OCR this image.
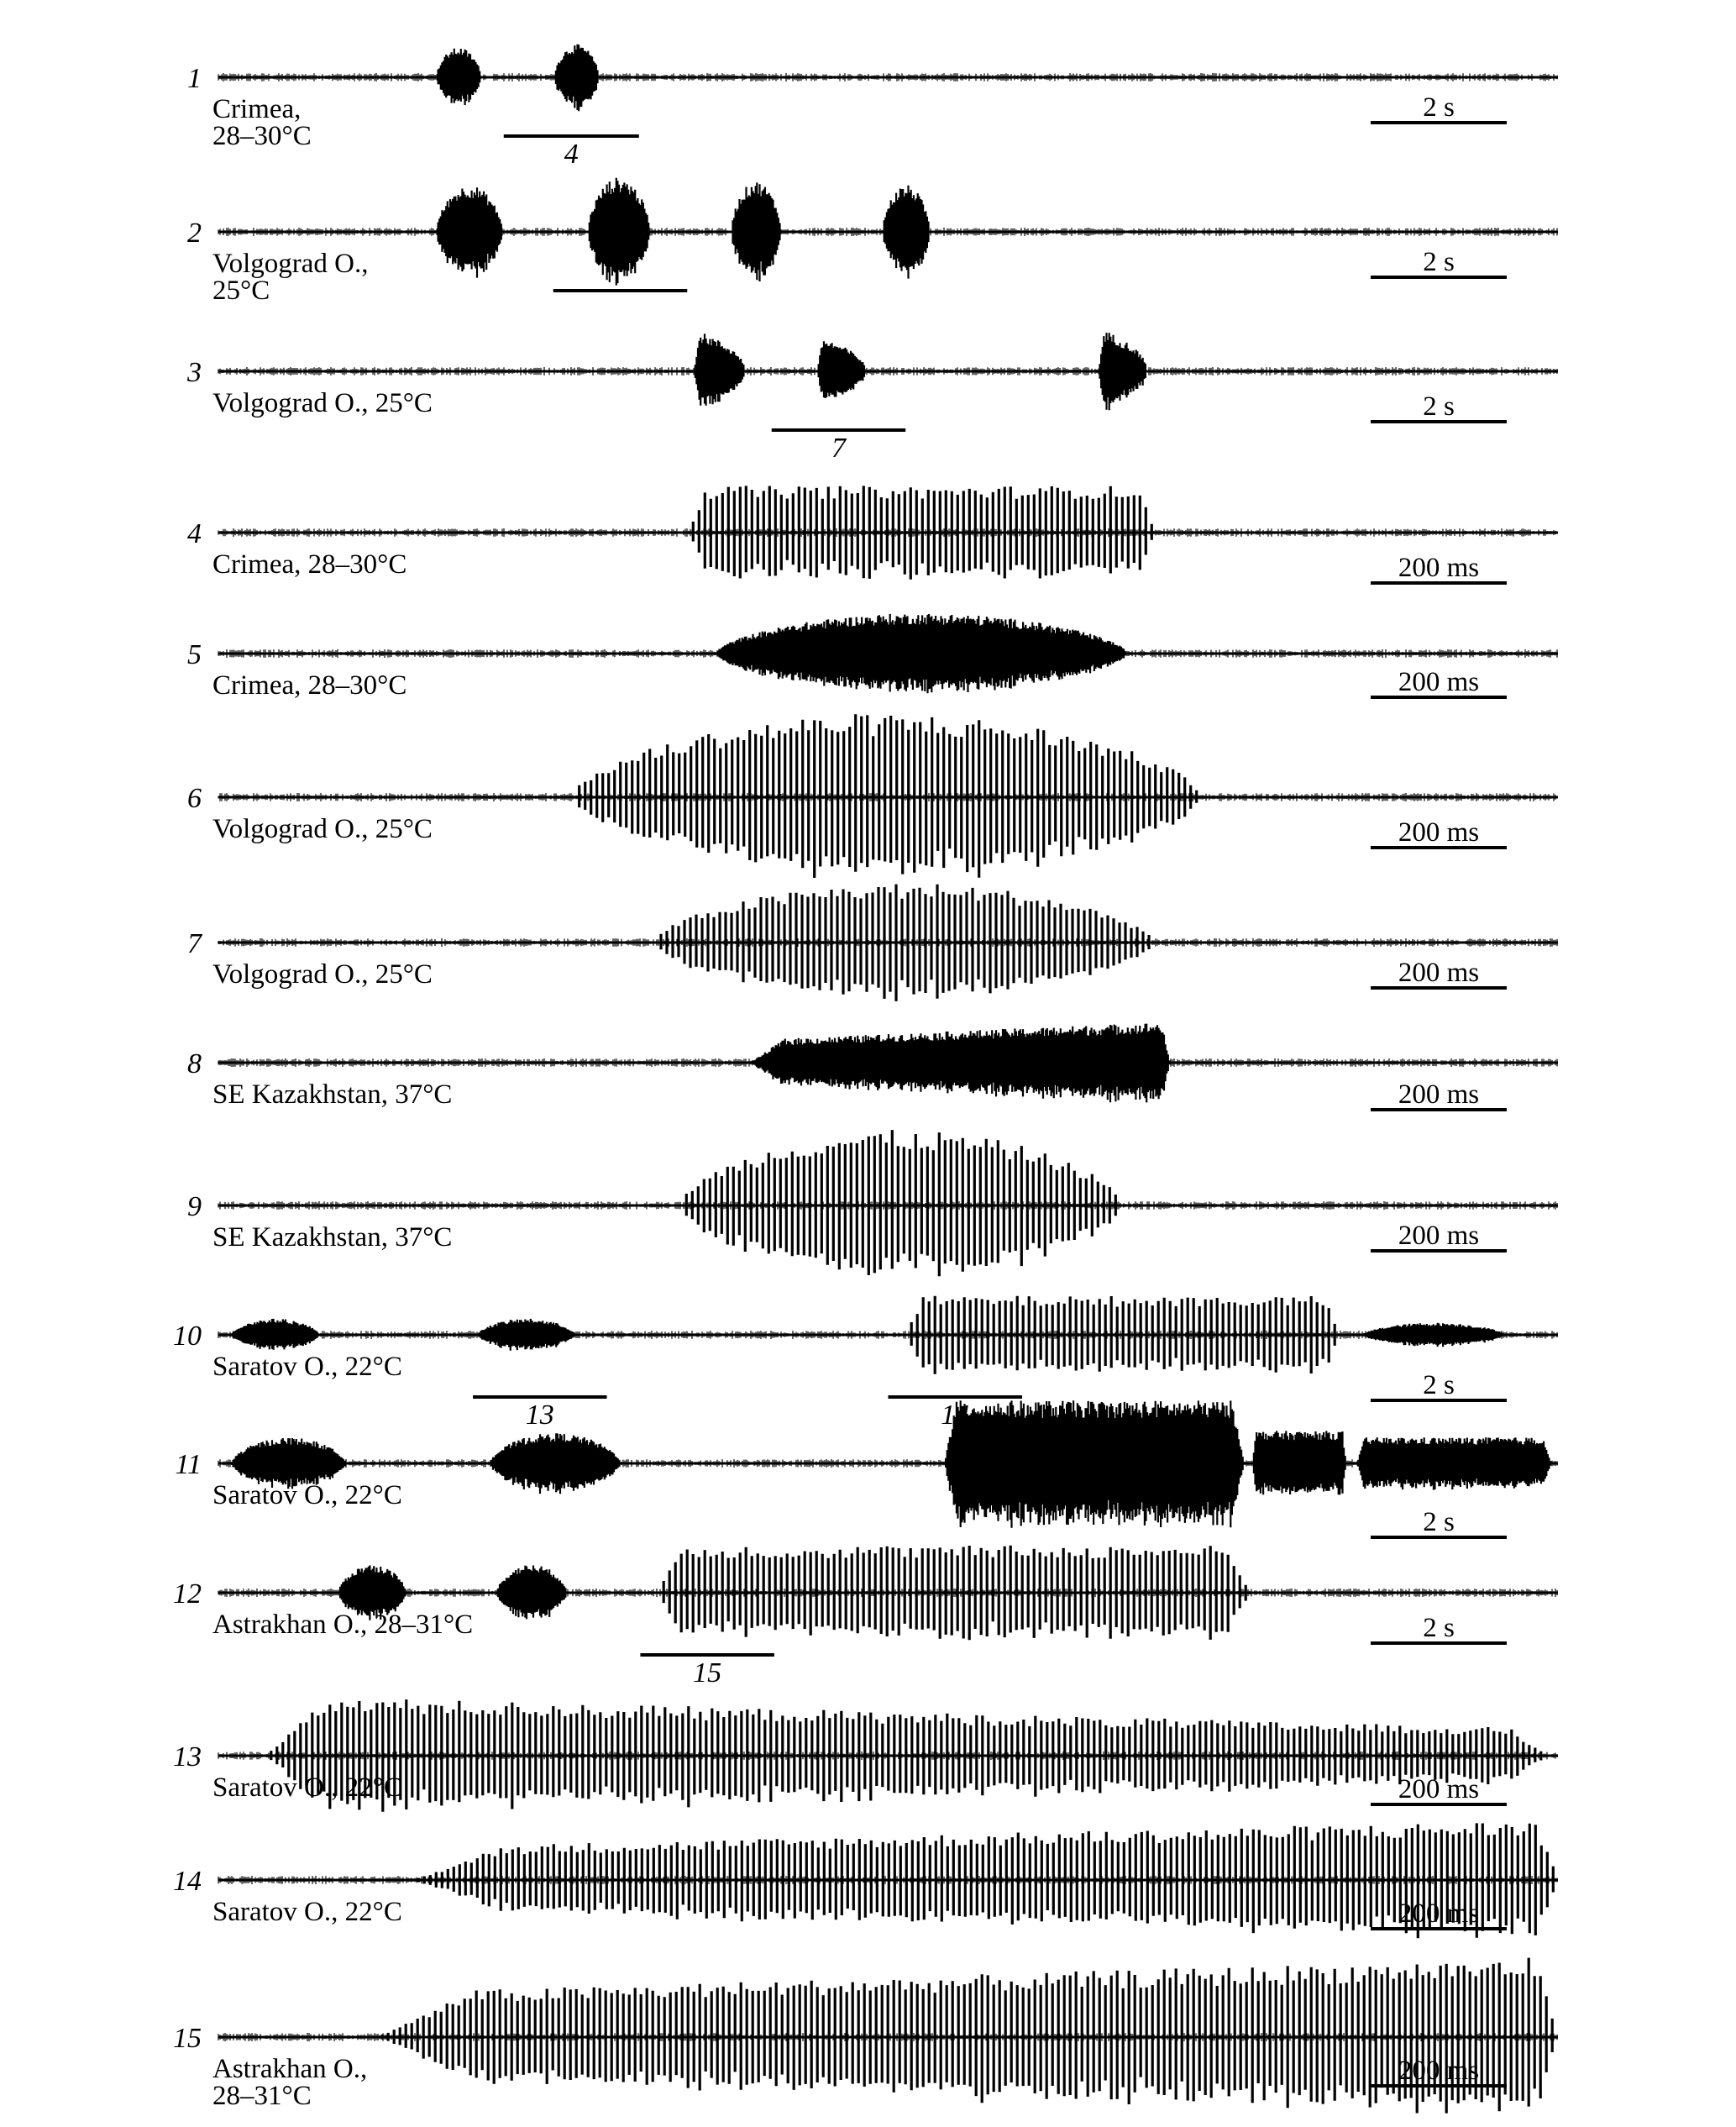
1
Crimea,
28–30°C
2 s
4
2
Volgograd O.,
25°C
2 s
3
Volgograd O., 25°C	2 s
7
4
Crimea, 28–30°C	200 ms
5
Crimea, 28–30°C	200 ms
6
Volgograd O., 25°C	200 ms
7
Volgograd O., 25°C	200 ms
8
SE Kazakhstan, 37°C	200 ms
9
SE Kazakhstan, 37°C	200 ms
10
Saratov O., 22°C
2 s
13	14
11
Saratov O., 22°C
2 s
12
Astrakhan O., 28–31°C	2 s
15
13
Saratov O., 22°C	200 ms
14
Saratov O., 22°C	200 ms
15
Astrakhan O.,
28–31°C
200 ms
